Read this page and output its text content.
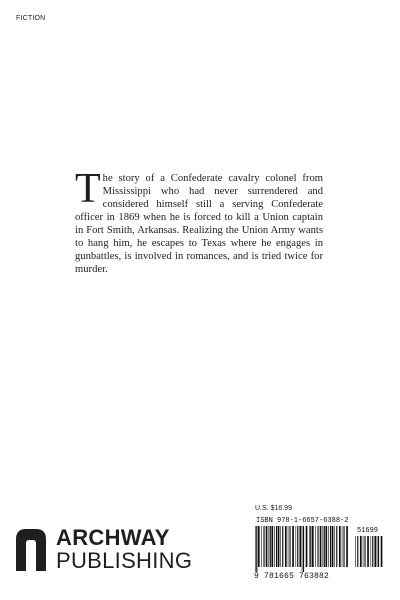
FICTION
The story of a Confederate cavalry colonel from Mississippi who had never surrendered and considered himself still a serving Confederate officer in 1869 when he is forced to kill a Union captain in Fort Smith, Arkansas. Realizing the Union Army wants to hang him, he escapes to Texas where he engages in gunbattles, is involved in romances, and is tried twice for murder.
ARCHWAY
PUBLISHING
U.S. $16.99
ISBN 978-1-6657-6388-2
51699
9 781665 763882
